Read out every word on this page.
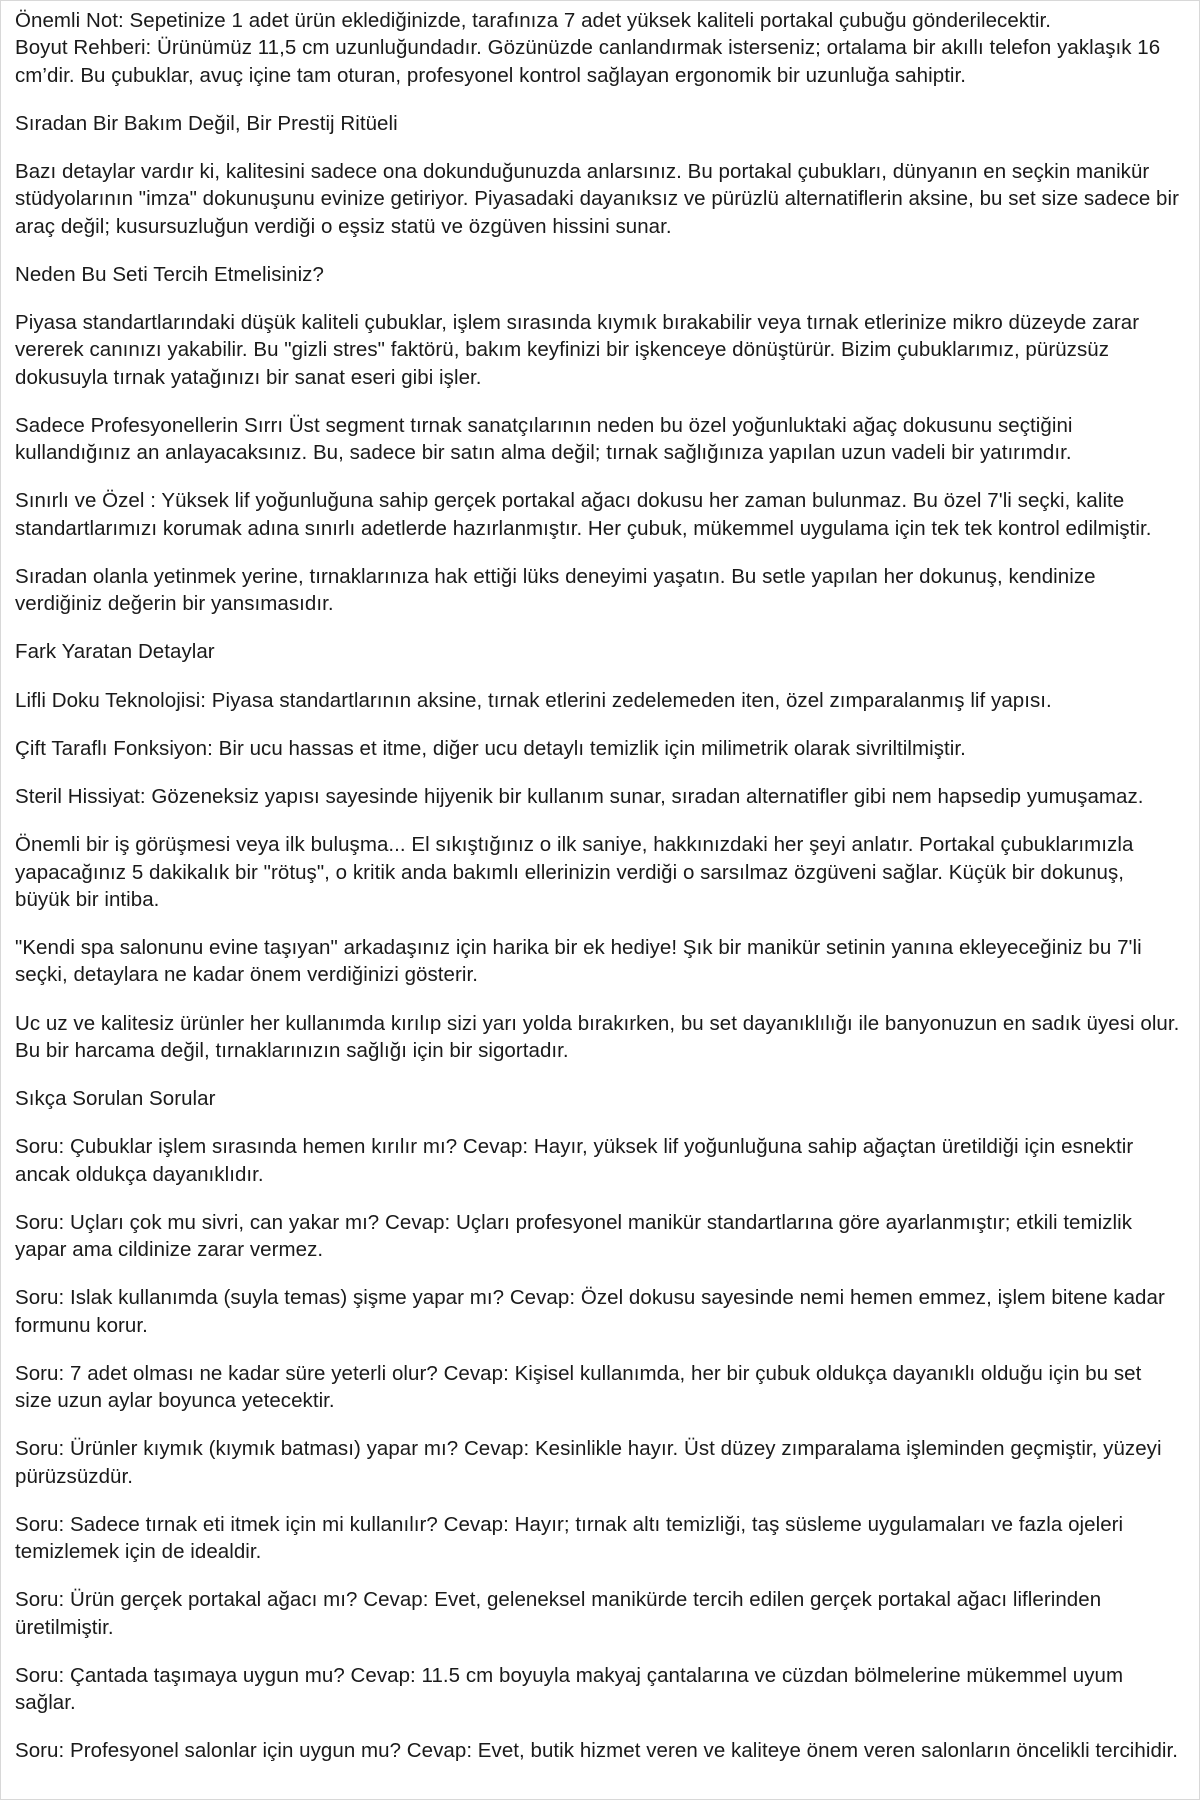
Önemli Not: Sepetinize 1 adet ürün eklediğinizde, tarafınıza 7 adet yüksek kaliteli portakal çubuğu gönderilecektir.

Boyut Rehberi: Ürünümüz 11,5 cm uzunluğundadır. Gözünüzde canlandırmak isterseniz; ortalama bir akıllı telefon yaklaşık 16 cm’dir. Bu çubuklar, avuç içine tam oturan, profesyonel kontrol sağlayan ergonomik bir uzunluğa sahiptir.

Sıradan Bir Bakım Değil, Bir Prestij Ritüeli

Bazı detaylar vardır ki, kalitesini sadece ona dokunduğunuzda anlarsınız. Bu portakal çubukları, dünyanın en seçkin manikür stüdyolarının "imza" dokunuşunu evinize getiriyor. Piyasadaki dayanıksız ve pürüzlü alternatiflerin aksine, bu set size sadece bir araç değil; kusursuzluğun verdiği o eşsiz statü ve özgüven hissini sunar.

Neden Bu Seti Tercih Etmelisiniz?

Piyasa standartlarındaki düşük kaliteli çubuklar, işlem sırasında kıymık bırakabilir veya tırnak etlerinize mikro düzeyde zarar vererek canınızı yakabilir. Bu "gizli stres" faktörü, bakım keyfinizi bir işkenceye dönüştürür. Bizim çubuklarımız, pürüzsüz dokusuyla tırnak yatağınızı bir sanat eseri gibi işler.

Sadece Profesyonellerin Sırrı Üst segment tırnak sanatçılarının neden bu özel yoğunluktaki ağaç dokusunu seçtiğini kullandığınız an anlayacaksınız. Bu, sadece bir satın alma değil; tırnak sağlığınıza yapılan uzun vadeli bir yatırımdır.

Sınırlı ve Özel : Yüksek lif yoğunluğuna sahip gerçek portakal ağacı dokusu her zaman bulunmaz. Bu özel 7'li seçki, kalite standartlarımızı korumak adına sınırlı adetlerde hazırlanmıştır. Her çubuk, mükemmel uygulama için tek tek kontrol edilmiştir.

Sıradan olanla yetinmek yerine, tırnaklarınıza hak ettiği lüks deneyimi yaşatın. Bu setle yapılan her dokunuş, kendinize verdiğiniz değerin bir yansımasıdır.

Fark Yaratan Detaylar

Lifli Doku Teknolojisi: Piyasa standartlarının aksine, tırnak etlerini zedelemeden iten, özel zımparalanmış lif yapısı.

Çift Taraflı Fonksiyon: Bir ucu hassas et itme, diğer ucu detaylı temizlik için milimetrik olarak sivriltilmiştir.

Steril Hissiyat: Gözeneksiz yapısı sayesinde hijyenik bir kullanım sunar, sıradan alternatifler gibi nem hapsedip yumuşamaz.

Önemli bir iş görüşmesi veya ilk buluşma... El sıkıştığınız o ilk saniye, hakkınızdaki her şeyi anlatır. Portakal çubuklarımızla yapacağınız 5 dakikalık bir "rötuş", o kritik anda bakımlı ellerinizin verdiği o sarsılmaz özgüveni sağlar. Küçük bir dokunuş, büyük bir intiba.

"Kendi spa salonunu evine taşıyan" arkadaşınız için harika bir ek hediye! Şık bir manikür setinin yanına ekleyeceğiniz bu 7'li seçki, detaylara ne kadar önem verdiğinizi gösterir.

Uc uz ve kalitesiz ürünler her kullanımda kırılıp sizi yarı yolda bırakırken, bu set dayanıklılığı ile banyonuzun en sadık üyesi olur. Bu bir harcama değil, tırnaklarınızın sağlığı için bir sigortadır.

Sıkça Sorulan Sorular

Soru: Çubuklar işlem sırasında hemen kırılır mı? Cevap: Hayır, yüksek lif yoğunluğuna sahip ağaçtan üretildiği için esnektir ancak oldukça dayanıklıdır.

Soru: Uçları çok mu sivri, can yakar mı? Cevap: Uçları profesyonel manikür standartlarına göre ayarlanmıştır; etkili temizlik yapar ama cildinize zarar vermez.

Soru: Islak kullanımda (suyla temas) şişme yapar mı? Cevap: Özel dokusu sayesinde nemi hemen emmez, işlem bitene kadar formunu korur.

Soru: 7 adet olması ne kadar süre yeterli olur? Cevap: Kişisel kullanımda, her bir çubuk oldukça dayanıklı olduğu için bu set size uzun aylar boyunca yetecektir.

Soru: Ürünler kıymık (kıymık batması) yapar mı? Cevap: Kesinlikle hayır. Üst düzey zımparalama işleminden geçmiştir, yüzeyi pürüzsüzdür.

Soru: Sadece tırnak eti itmek için mi kullanılır? Cevap: Hayır; tırnak altı temizliği, taş süsleme uygulamaları ve fazla ojeleri temizlemek için de idealdir.

Soru: Ürün gerçek portakal ağacı mı? Cevap: Evet, geleneksel manikürde tercih edilen gerçek portakal ağacı liflerinden üretilmiştir.

Soru: Çantada taşımaya uygun mu? Cevap: 11.5 cm boyuyla makyaj çantalarına ve cüzdan bölmelerine mükemmel uyum sağlar.

Soru: Profesyonel salonlar için uygun mu? Cevap: Evet, butik hizmet veren ve kaliteye önem veren salonların öncelikli tercihidir.
